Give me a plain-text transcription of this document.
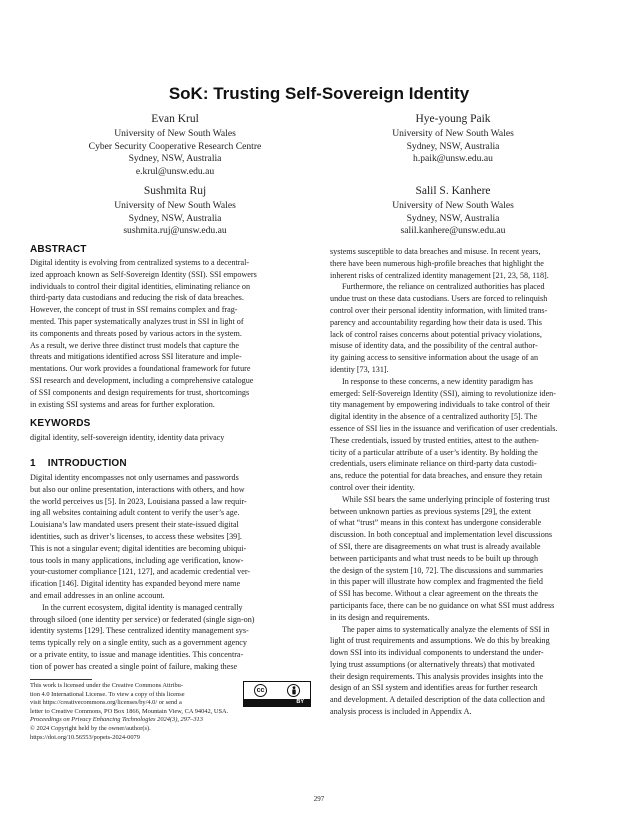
SoK: Trusting Self-Sovereign Identity
Evan Krul
University of New South Wales
Cyber Security Cooperative Research Centre
Sydney, NSW, Australia
e.krul@unsw.edu.au
Hye-young Paik
University of New South Wales
Sydney, NSW, Australia
h.paik@unsw.edu.au
Sushmita Ruj
University of New South Wales
Sydney, NSW, Australia
sushmita.ruj@unsw.edu.au
Salil S. Kanhere
University of New South Wales
Sydney, NSW, Australia
salil.kanhere@unsw.edu.au
ABSTRACT
Digital identity is evolving from centralized systems to a decentral-
ized approach known as Self-Sovereign Identity (SSI). SSI empowers
individuals to control their digital identities, eliminating reliance on
third-party data custodians and reducing the risk of data breaches.
However, the concept of trust in SSI remains complex and frag-
mented. This paper systematically analyzes trust in SSI in light of
its components and threats posed by various actors in the system.
As a result, we derive three distinct trust models that capture the
threats and mitigations identified across SSI literature and imple-
mentations. Our work provides a foundational framework for future
SSI research and development, including a comprehensive catalogue
of SSI components and design requirements for trust, shortcomings
in existing SSI systems and areas for further exploration.
KEYWORDS
digital identity, self-sovereign identity, identity data privacy
1 INTRODUCTION
Digital identity encompasses not only usernames and passwords
but also our online presentation, interactions with others, and how
the world perceives us [5]. In 2023, Louisiana passed a law requir-
ing all websites containing adult content to verify the user’s age.
Louisiana’s law mandated users present their state-issued digital
identities, such as driver’s licenses, to access these websites [39].
This is not a singular event; digital identities are becoming ubiqui-
tous tools in many applications, including age verification, know-
your-customer compliance [121, 127], and academic credential ver-
ification [146]. Digital identity has expanded beyond mere name
and email addresses in an online account.
In the current ecosystem, digital identity is managed centrally
through siloed (one identity per service) or federated (single sign-on)
identity systems [129]. These centralized identity management sys-
tems typically rely on a single entity, such as a government agency
or a private entity, to issue and manage identities. This concentra-
tion of power has created a single point of failure, making these
This work is licensed under the Creative Commons Attribu-
tion 4.0 International License. To view a copy of this license
visit https://creativecommons.org/licenses/by/4.0/ or send a
letter to Creative Commons, PO Box 1866, Mountain View, CA 94042, USA.
Proceedings on Privacy Enhancing Technologies 2024(3), 297–313
© 2024 Copyright held by the owner/author(s).
https://doi.org/10.56553/popets-2024-0079
cc
BY
systems susceptible to data breaches and misuse. In recent years,
there have been numerous high-profile breaches that highlight the
inherent risks of centralized identity management [21, 23, 58, 118].
Furthermore, the reliance on centralized authorities has placed
undue trust on these data custodians. Users are forced to relinquish
control over their personal identity information, with limited trans-
parency and accountability regarding how their data is used. This
lack of control raises concerns about potential privacy violations,
misuse of identity data, and the possibility of the central author-
ity gaining access to sensitive information about the usage of an
identity [73, 131].
In response to these concerns, a new identity paradigm has
emerged: Self-Sovereign Identity (SSI), aiming to revolutionize iden-
tity management by empowering individuals to take control of their
digital identity in the absence of a centralized authority [5]. The
essence of SSI lies in the issuance and verification of user credentials.
These credentials, issued by trusted entities, attest to the authen-
ticity of a particular attribute of a user’s identity. By holding the
credentials, users eliminate reliance on third-party data custodi-
ans, reduce the potential for data breaches, and ensure they retain
control over their identity.
While SSI bears the same underlying principle of fostering trust
between unknown parties as previous systems [29], the extent
of what “trust” means in this context has undergone considerable
discussion. In both conceptual and implementation level discussions
of SSI, there are disagreements on what trust is already available
between participants and what trust needs to be built up through
the design of the system [10, 72]. The discussions and summaries
in this paper will illustrate how complex and fragmented the field
of SSI has become. Without a clear agreement on the threats the
participants face, there can be no guidance on what SSI must address
in its design and requirements.
The paper aims to systematically analyze the elements of SSI in
light of trust requirements and assumptions. We do this by breaking
down SSI into its individual components to understand the under-
lying trust assumptions (or alternatively threats) that motivated
their design requirements. This analysis provides insights into the
design of an SSI system and identifies areas for further research
and development. A detailed description of the data collection and
analysis process is included in Appendix A.
297
